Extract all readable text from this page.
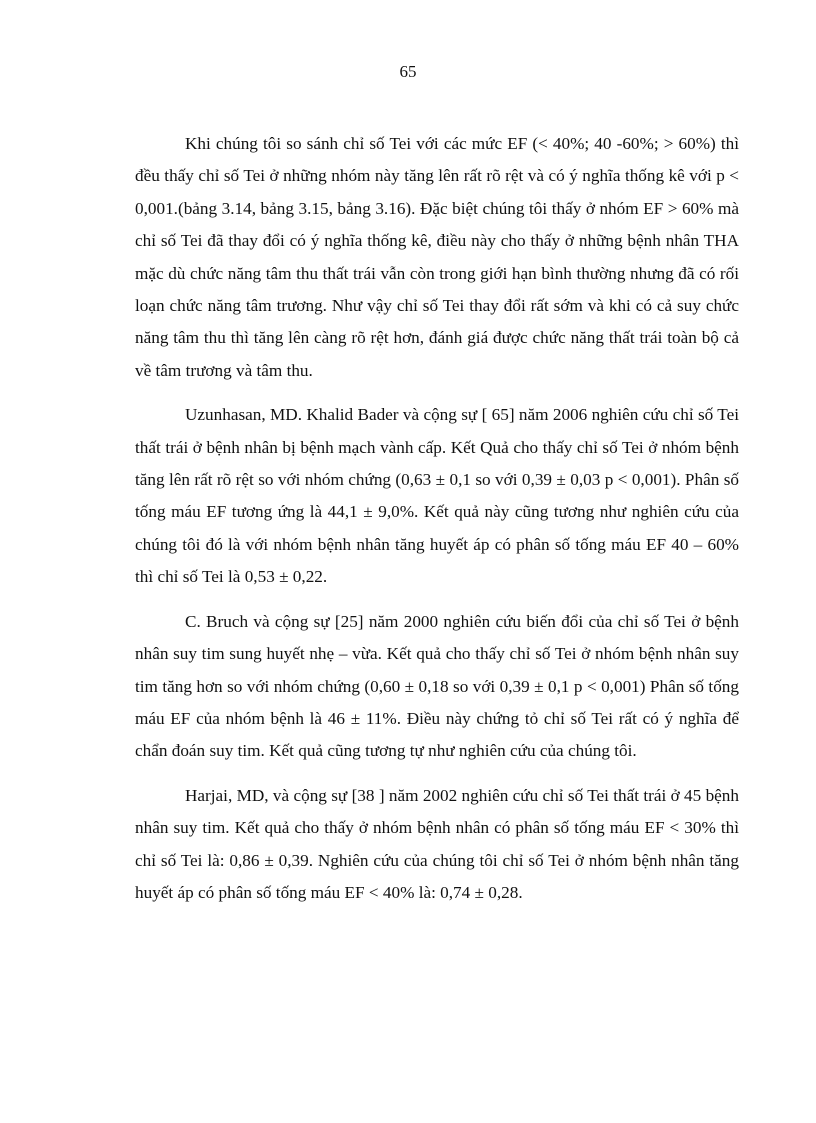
65

Khi chúng tôi so sánh chỉ số Tei với các mức EF (< 40%; 40 -60%; > 60%) thì đều thấy chỉ số Tei ở những nhóm này tăng lên rất rõ rệt và có ý nghĩa thống kê với p < 0,001.(bảng 3.14, bảng 3.15, bảng 3.16). Đặc biệt chúng tôi thấy ở nhóm EF > 60% mà chỉ số Tei đã thay đổi có ý nghĩa thống kê, điều này cho thấy ở những bệnh nhân THA mặc dù chức năng tâm thu thất trái vẫn còn trong giới hạn bình thường nhưng đã có rối loạn chức năng tâm trương. Như vậy chỉ số Tei thay đổi rất sớm và khi có cả suy chức năng tâm thu thì tăng lên càng rõ rệt hơn, đánh giá được chức năng thất trái toàn bộ cả về tâm trương và tâm thu.

Uzunhasan, MD. Khalid Bader và cộng sự [ 65] năm 2006 nghiên cứu chỉ số Tei thất trái ở bệnh nhân bị bệnh mạch vành cấp. Kết Quả cho thấy chỉ số Tei ở nhóm bệnh tăng lên rất rõ rệt so với nhóm chứng (0,63 ± 0,1 so với 0,39 ± 0,03 p < 0,001). Phân số tống máu EF tương ứng là 44,1 ± 9,0%. Kết quả này cũng tương như nghiên cứu của chúng tôi đó là với nhóm bệnh nhân tăng huyết áp có phân số tống máu EF 40 – 60% thì chỉ số Tei là 0,53 ± 0,22.

C. Bruch và cộng sự [25] năm 2000 nghiên cứu biến đổi của chỉ số Tei ở bệnh nhân suy tim sung huyết nhẹ – vừa. Kết quả cho thấy chỉ số Tei ở nhóm bệnh nhân suy tim tăng hơn so với nhóm chứng (0,60 ± 0,18 so với 0,39 ± 0,1 p < 0,001) Phân số tống máu EF của nhóm bệnh là 46 ± 11%. Điều này chứng tỏ chỉ số Tei rất có ý nghĩa để chẩn đoán suy tim. Kết quả cũng tương tự như nghiên cứu của chúng tôi.

Harjai, MD, và cộng sự [38 ] năm 2002 nghiên cứu chỉ số Tei thất trái ở 45 bệnh nhân suy tim. Kết quả cho thấy ở nhóm bệnh nhân có phân số tống máu EF < 30% thì chỉ số Tei là: 0,86 ± 0,39. Nghiên cứu của chúng tôi chỉ số Tei ở nhóm bệnh nhân tăng huyết áp có phân số tống máu EF < 40% là: 0,74 ± 0,28.
